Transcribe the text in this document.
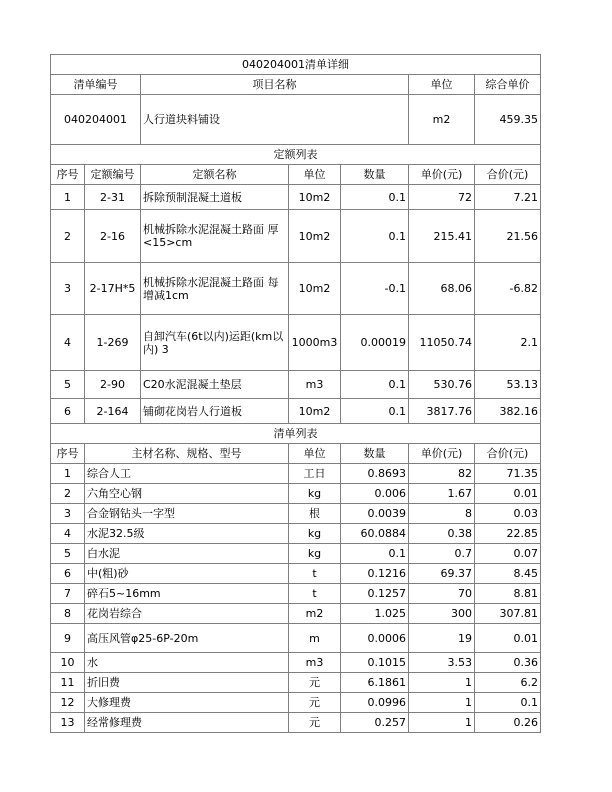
040204001清单详细						
清单编号		项目名称			单位	综合单价
040204001		人行道块料铺设			m2	459.35
定额列表						
序号	定额编号	定额名称	单位	数量	单价(元)	合价(元)
1	2-31	拆除预制混凝土道板	10m2	0.1	72	7.21
2	2-16	机械拆除水泥混凝土路面 厚<15>cm	10m2	0.1	215.41	21.56
3	2-17H*5	机械拆除水泥混凝土路面 每增减1cm	10m2	-0.1	68.06	-6.82
4	1-269	自卸汽车(6t以内)运距(km以内) 3	1000m3	0.00019	11050.74	2.1
5	2-90	C20水泥混凝土垫层	m3	0.1	530.76	53.13
6	2-164	铺砌花岗岩人行道板	10m2	0.1	3817.76	382.16
清单列表						
序号	主材名称、规格、型号		单位	数量	单价(元)	合价(元)
1	综合人工		工日	0.8693	82	71.35
2	六角空心钢		kg	0.006	1.67	0.01
3	合金钢钻头一字型		根	0.0039	8	0.03
4	水泥32.5级		kg	60.0884	0.38	22.85
5	白水泥		kg	0.1	0.7	0.07
6	中(粗)砂		t	0.1216	69.37	8.45
7	碎石5~16mm		t	0.1257	70	8.81
8	花岗岩综合		m2	1.025	300	307.81
9	高压风管φ25-6P-20m		m	0.0006	19	0.01
10	水		m3	0.1015	3.53	0.36
11	折旧费		元	6.1861	1	6.2
12	大修理费		元	0.0996	1	0.1
13	经常修理费		元	0.257	1	0.26
